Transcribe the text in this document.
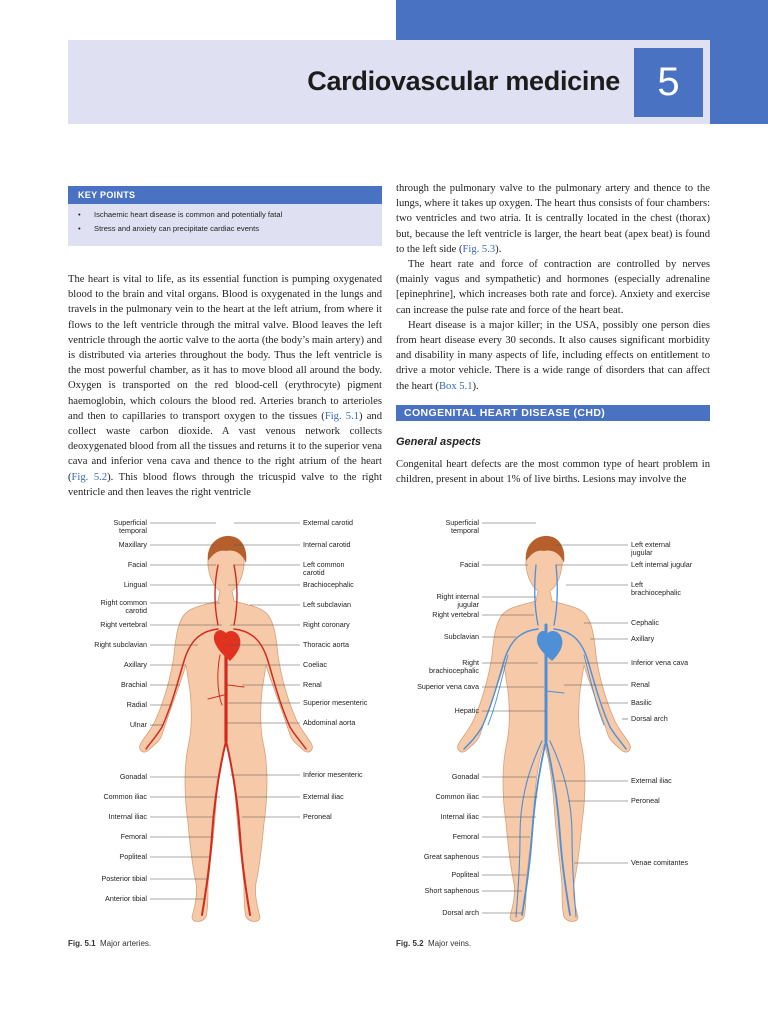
Cardiovascular medicine 5
KEY POINTS
• Ischaemic heart disease is common and potentially fatal
• Stress and anxiety can precipitate cardiac events

The heart is vital to life, as its essential function is pumping oxygenated blood to the brain and vital organs. Blood is oxygenated in the lungs and travels in the pulmonary vein to the heart at the left atrium, from where it flows to the left ventricle through the mitral valve. Blood leaves the left ventricle through the aortic valve to the aorta (the body’s main artery) and is distributed via arteries throughout the body. Thus the left ventricle is the most powerful chamber, as it has to move blood all around the body. Oxygen is transported on the red blood-cell (erythrocyte) pigment haemoglobin, which colours the blood red. Arteries branch to arterioles and then to capillaries to transport oxygen to the tissues (Fig. 5.1) and collect waste carbon dioxide. A vast venous network collects deoxygenated blood from all the tissues and returns it to the superior vena cava and inferior vena cava and thence to the right atrium of the heart (Fig. 5.2). This blood flows through the tricuspid valve to the right ventricle and then leaves the right ventricle

through the pulmonary valve to the pulmonary artery and thence to the lungs, where it takes up oxygen. The heart thus consists of four chambers: two ventricles and two atria. It is centrally located in the chest (thorax) but, because the left ventricle is larger, the heart beat (apex beat) is found to the left side (Fig. 5.3).

The heart rate and force of contraction are controlled by nerves (mainly vagus and sympathetic) and hormones (especially adrenaline [epinephrine], which increases both rate and force). Anxiety and exercise can increase the pulse rate and force of the heart beat.

Heart disease is a major killer; in the USA, possibly one person dies from heart disease every 30 seconds. It also causes significant morbidity and disability in many aspects of life, including effects on entitlement to drive a motor vehicle. There is a wide range of disorders that can affect the heart (Box 5.1).

CONGENITAL HEART DISEASE (CHD)
General aspects

Congenital heart defects are the most common type of heart problem in children, present in about 1% of live births. Lesions may involve the

Superficial temporal
Maxillary
Facial
Lingual
Right common carotid
Right vertebral
Right subclavian
Axillary
Brachial
Radial
Ulnar
Gonadal
Common iliac
Internal iliac
Femoral
Popliteal
Posterior tibial
Anterior tibial
External carotid
Internal carotid
Left common carotid
Brachiocephalic
Left subclavian
Right coronary
Thoracic aorta
Coeliac
Renal
Superior mesenteric
Abdominal aorta
Inferior mesenteric
External iliac
Peroneal
Superficial temporal
Facial
Right internal jugular
Right vertebral
Subclavian
Right brachiocephalic
Superior vena cava
Hepatic
Gonadal
Common iliac
Internal iliac
Femoral
Great saphenous
Popliteal
Short saphenous
Dorsal arch
Left external jugular
Left internal jugular
Left brachiocephalic
Cephalic
Axillary
Inferior vena cava
Renal
Basilic
Dorsal arch
External iliac
Peroneal
Venae comitantes
Fig. 5.1 Major arteries.	Fig. 5.2 Major veins.
